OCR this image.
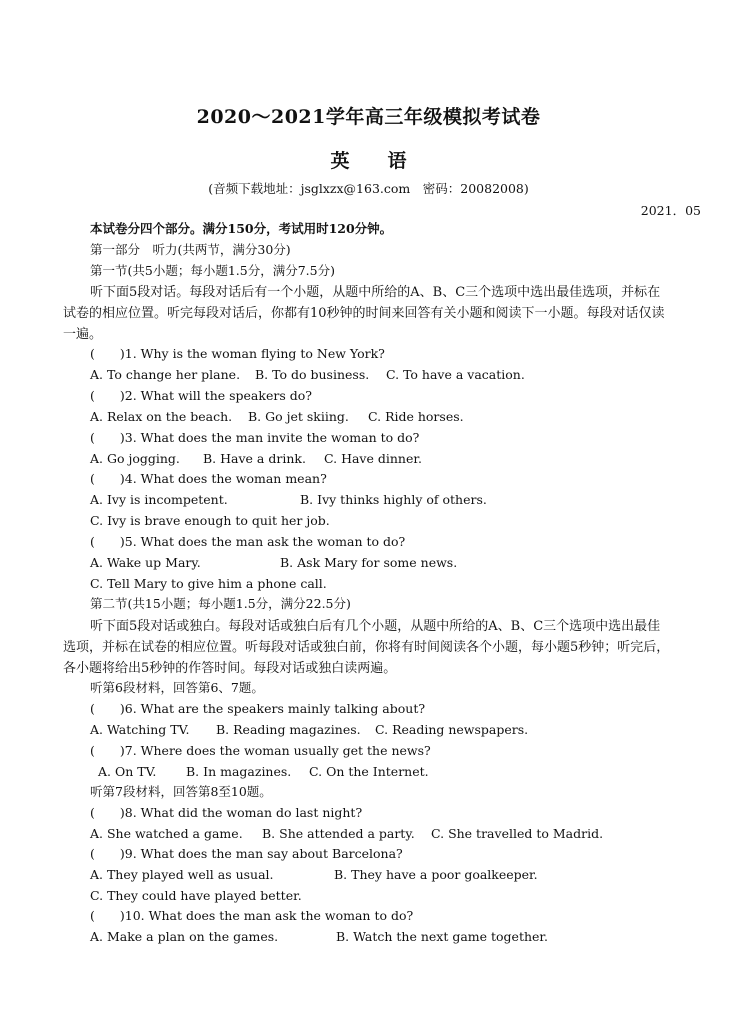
2020～2021学年高三年级模拟考试卷
英　　语
(音频下载地址：jsglxzx@163.com　密码：20082008)
2021．05
本试卷分四个部分。满分150分，考试用时120分钟。
第一部分　听力(共两节，满分30分)
第一节(共5小题；每小题1.5分，满分7.5分)
听下面5段对话。每段对话后有一个小题，从题中所给的A、B、C三个选项中选出最佳选项，并标在试卷的相应位置。听完每段对话后，你都有10秒钟的时间来回答有关小题和阅读下一小题。每段对话仅读一遍。
(　　)1. Why is the woman flying to New York?
A. To change her plane. B. To do business. C. To have a vacation.
(　　)2. What will the speakers do?
A. Relax on the beach. B. Go jet skiing. C. Ride horses.
(　　)3. What does the man invite the woman to do?
A. Go jogging. B. Have a drink. C. Have dinner.
(　　)4. What does the woman mean?
A. Ivy is incompetent.	B. Ivy thinks highly of others.
C. Ivy is brave enough to quit her job.
(　　)5. What does the man ask the woman to do?
A. Wake up Mary.	B. Ask Mary for some news.
C. Tell Mary to give him a phone call.
第二节(共15小题；每小题1.5分，满分22.5分)
听下面5段对话或独白。每段对话或独白后有几个小题，从题中所给的A、B、C三个选项中选出最佳选项，并标在试卷的相应位置。听每段对话或独白前，你将有时间阅读各个小题，每小题5秒钟；听完后，各小题将给出5秒钟的作答时间。每段对话或独白读两遍。
听第6段材料，回答第6、7题。
(　　)6. What are the speakers mainly talking about?
A. Watching TV. B. Reading magazines. C. Reading newspapers.
(　　)7. Where does the woman usually get the news?
A. On TV. B. In magazines. C. On the Internet.
听第7段材料，回答第8至10题。
(　　)8. What did the woman do last night?
A. She watched a game. B. She attended a party. C. She travelled to Madrid.
(　　)9. What does the man say about Barcelona?
A. They played well as usual.	B. They have a poor goalkeeper.
C. They could have played better.
(　　)10. What does the man ask the woman to do?
A. Make a plan on the games.	B. Watch the next game together.
